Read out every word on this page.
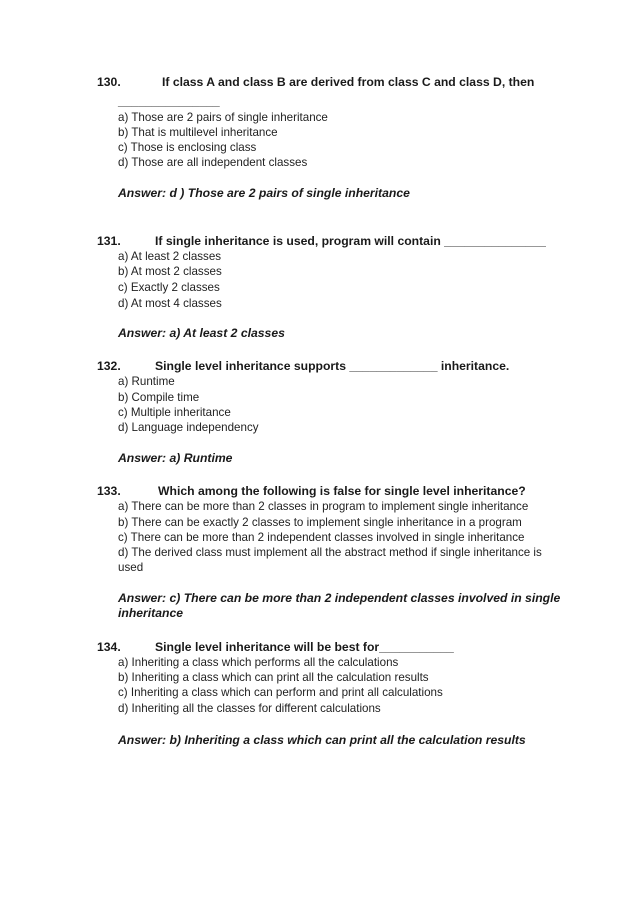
130.	If class A and class B are derived from class C and class D, then
_______________
a) Those are 2 pairs of single inheritance
b) That is multilevel inheritance
c) Those is enclosing class
d) Those are all independent classes
Answer: d ) Those are 2 pairs of single inheritance
131.	If single inheritance is used, program will contain _______________
a) At least 2 classes
b) At most 2 classes
c) Exactly 2 classes
d) At most 4 classes
Answer: a) At least 2 classes
132.	Single level inheritance supports _____________ inheritance.
a) Runtime
b) Compile time
c) Multiple inheritance
d) Language independency
Answer: a) Runtime
133.	Which among the following is false for single level inheritance?
a) There can be more than 2 classes in program to implement single inheritance
b) There can be exactly 2 classes to implement single inheritance in a program
c) There can be more than 2 independent classes involved in single inheritance
d) The derived class must implement all the abstract method if single inheritance is
used
Answer: c) There can be more than 2 independent classes involved in single
inheritance
134.	Single level inheritance will be best for___________
a) Inheriting a class which performs all the calculations
b) Inheriting a class which can print all the calculation results
c) Inheriting a class which can perform and print all calculations
d) Inheriting all the classes for different calculations
Answer: b) Inheriting a class which can print all the calculation results
